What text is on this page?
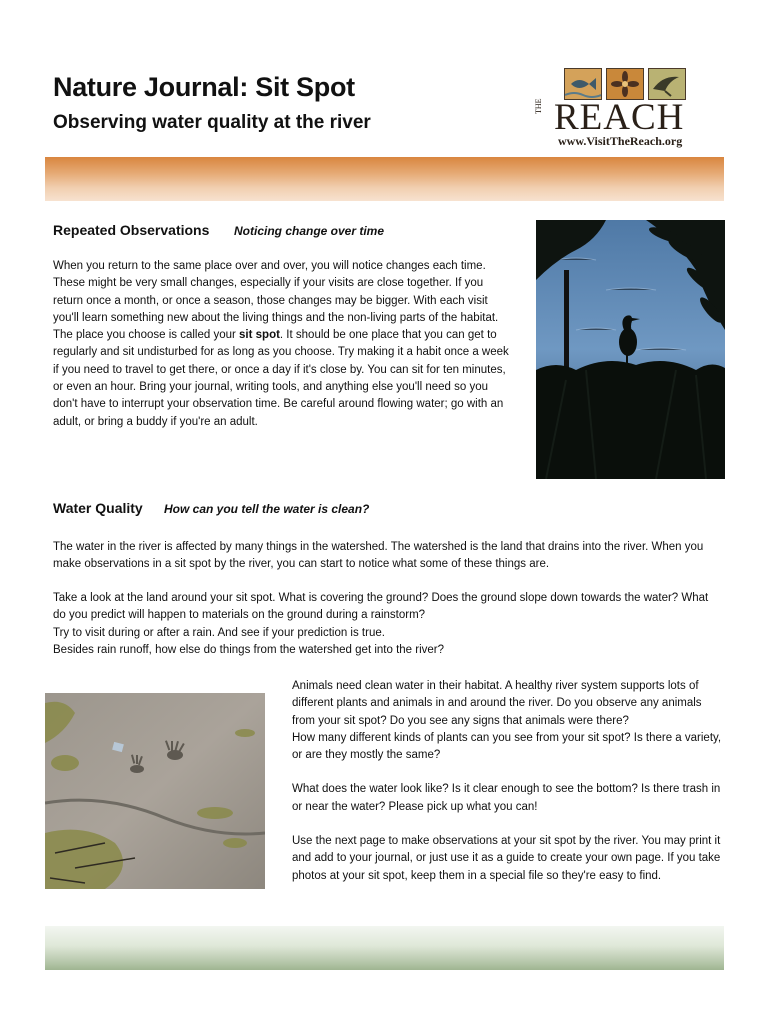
Nature Journal: Sit Spot
Observing water quality at the river
THE REACH
www.VisitTheReach.org
Repeated Observations Noticing change over time

When you return to the same place over and over, you will notice changes each time. These might be very small changes, especially if your visits are close together. If you return once a month, or once a season, those changes may be bigger. With each visit you'll learn something new about the living things and the non-living parts of the habitat.

The place you choose is called your sit spot. It should be one place that you can get to regularly and sit undisturbed for as long as you choose. Try making it a habit once a week if you need to travel to get there, or once a day if it's close by. You can sit for ten minutes, or even an hour. Bring your journal, writing tools, and anything else you'll need so you don't have to interrupt your observation time. Be careful around flowing water; go with an adult, or bring a buddy if you're an adult.

Water Quality How can you tell the water is clean?
The water in the river is affected by many things in the watershed. The watershed is the land that drains into the river. When you make observations in a sit spot by the river, you can start to notice what some of these things are.

Take a look at the land around your sit spot. What is covering the ground? Does the ground slope down towards the water? What do you predict will happen to materials on the ground during a rainstorm?

Try to visit during or after a rain. And see if your prediction is true.

Besides rain runoff, how else do things from the watershed get into the river?

Animals need clean water in their habitat. A healthy river system supports lots of different plants and animals in and around the river. Do you observe any animals from your sit spot? Do you see any signs that animals were there?

How many different kinds of plants can you see from your sit spot? Is there a variety, or are they mostly the same?

What does the water look like? Is it clear enough to see the bottom? Is there trash in or near the water? Please pick up what you can!

Use the next page to make observations at your sit spot by the river. You may print it and add to your journal, or just use it as a guide to create your own page. If you take photos at your sit spot, keep them in a special file so they're easy to find.
